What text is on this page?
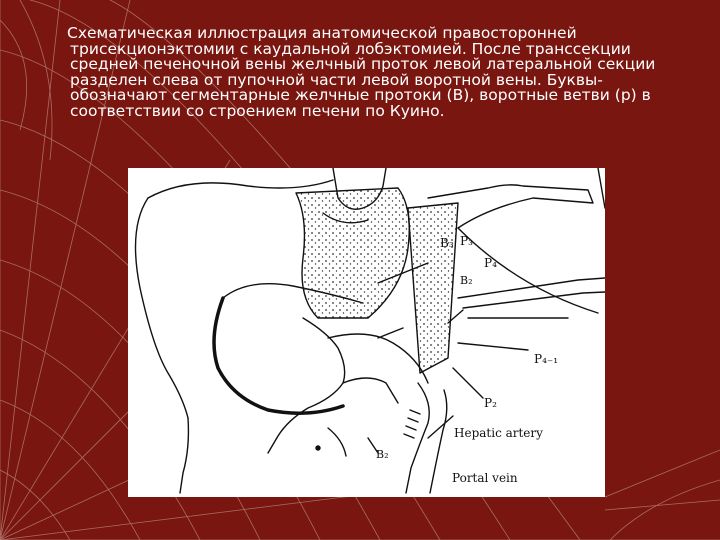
Схематическая иллюстрация анатомической правосторонней трисекционэктомии с каудальной лобэктомией. После транссекции средней печеночной вены желчный проток левой латеральной секции разделен слева от пупочной части левой воротной вены. Буквы- обозначают сегментарные желчные протоки (B), воротные ветви (p) в соответствии со строением печени по Куино.

B₃ P₃
P₄
B₂
P₄₋₁
P₂
Hepatic artery
B₂
Portal vein
